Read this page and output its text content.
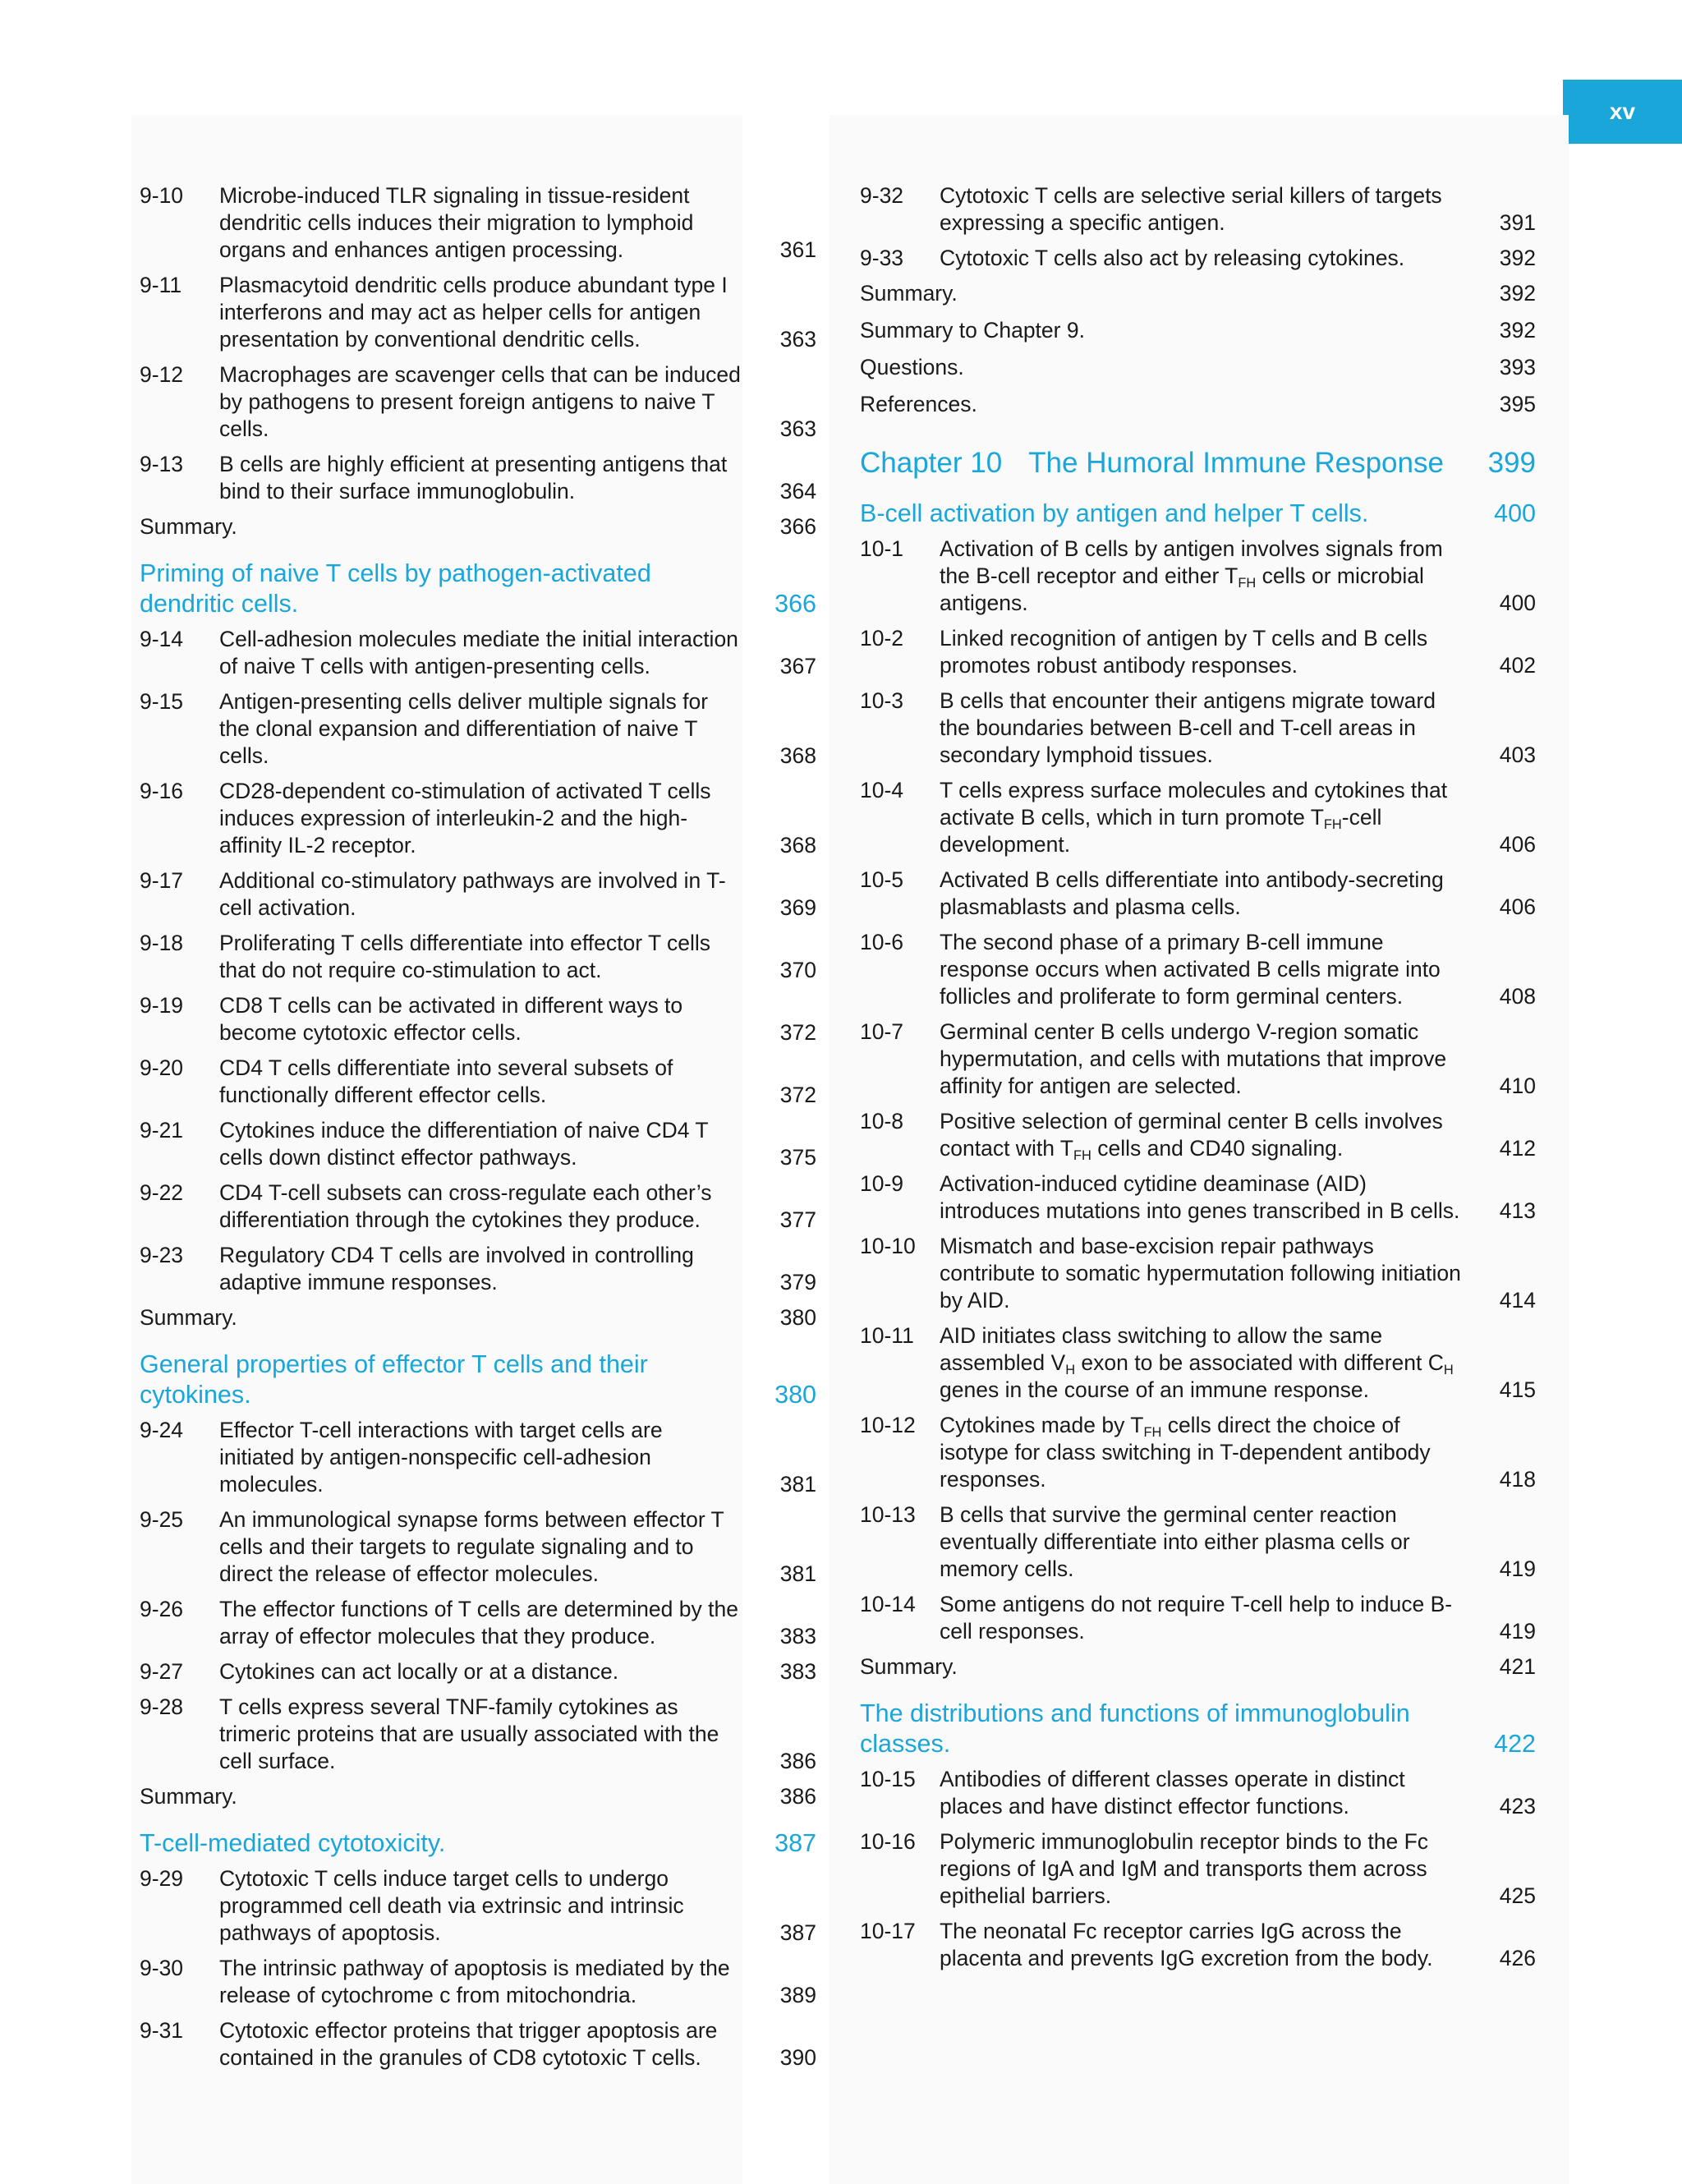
xv
9-10 Microbe-induced TLR signaling in tissue-resident dendritic cells induces their migration to lymphoid organs and enhances antigen processing.	361
9-11 Plasmacytoid dendritic cells produce abundant type I interferons and may act as helper cells for antigen presentation by conventional dendritic cells.	363
9-12 Macrophages are scavenger cells that can be induced by pathogens to present foreign antigens to naive T cells.	363
9-13 B cells are highly efficient at presenting antigens that bind to their surface immunoglobulin.	364
Summary.	366
Priming of naive T cells by pathogen-activated dendritic cells.	366
9-14 Cell-adhesion molecules mediate the initial interaction of naive T cells with antigen-presenting cells.	367
9-15 Antigen-presenting cells deliver multiple signals for the clonal expansion and differentiation of naive T cells.	368
9-16 CD28-dependent co-stimulation of activated T cells induces expression of interleukin-2 and the high-affinity IL-2 receptor.	368
9-17 Additional co-stimulatory pathways are involved in T-cell activation.	369
9-18 Proliferating T cells differentiate into effector T cells that do not require co-stimulation to act.	370
9-19 CD8 T cells can be activated in different ways to become cytotoxic effector cells.	372
9-20 CD4 T cells differentiate into several subsets of functionally different effector cells.	372
9-21 Cytokines induce the differentiation of naive CD4 T cells down distinct effector pathways.	375
9-22 CD4 T-cell subsets can cross-regulate each other’s differentiation through the cytokines they produce.	377
9-23 Regulatory CD4 T cells are involved in controlling adaptive immune responses.	379
Summary.	380
General properties of effector T cells and their cytokines.	380
9-24 Effector T-cell interactions with target cells are initiated by antigen-nonspecific cell-adhesion molecules.	381
9-25 An immunological synapse forms between effector T cells and their targets to regulate signaling and to direct the release of effector molecules.	381
9-26 The effector functions of T cells are determined by the array of effector molecules that they produce.	383
9-27 Cytokines can act locally or at a distance.	383
9-28 T cells express several TNF-family cytokines as trimeric proteins that are usually associated with the cell surface.	386
Summary.	386
T-cell-mediated cytotoxicity.	387
9-29 Cytotoxic T cells induce target cells to undergo programmed cell death via extrinsic and intrinsic pathways of apoptosis.	387
9-30 The intrinsic pathway of apoptosis is mediated by the release of cytochrome c from mitochondria.	389
9-31 Cytotoxic effector proteins that trigger apoptosis are contained in the granules of CD8 cytotoxic T cells.	390
9-32 Cytotoxic T cells are selective serial killers of targets expressing a specific antigen.	391
9-33 Cytotoxic T cells also act by releasing cytokines.	392
Summary.	392
Summary to Chapter 9.	392
Questions.	393
References.	395
Chapter 10 The Humoral Immune Response 399
B-cell activation by antigen and helper T cells.	400
10-1 Activation of B cells by antigen involves signals from the B-cell receptor and either $T_{FH}$ cells or microbial antigens.	400
10-2 Linked recognition of antigen by T cells and B cells promotes robust antibody responses.	402
10-3 B cells that encounter their antigens migrate toward the boundaries between B-cell and T-cell areas in secondary lymphoid tissues.	403
10-4 T cells express surface molecules and cytokines that activate B cells, which in turn promote $T_{FH}$-cell development.	406
10-5 Activated B cells differentiate into antibody-secreting plasmablasts and plasma cells.	406
10-6 The second phase of a primary B-cell immune response occurs when activated B cells migrate into follicles and proliferate to form germinal centers.	408
10-7 Germinal center B cells undergo V-region somatic hypermutation, and cells with mutations that improve affinity for antigen are selected.	410
10-8 Positive selection of germinal center B cells involves contact with $T_{FH}$ cells and CD40 signaling.	412
10-9 Activation-induced cytidine deaminase (AID) introduces mutations into genes transcribed in B cells. 413
10-10 Mismatch and base-excision repair pathways contribute to somatic hypermutation following initiation by AID.	414
10-11 AID initiates class switching to allow the same assembled $V_H$ exon to be associated with different $C_H$ genes in the course of an immune response.	415
10-12 Cytokines made by $T_{FH}$ cells direct the choice of isotype for class switching in T-dependent antibody responses.	418
10-13 B cells that survive the germinal center reaction eventually differentiate into either plasma cells or memory cells.	419
10-14 Some antigens do not require T-cell help to induce B-cell responses.	419
Summary.	421
The distributions and functions of immunoglobulin classes.	422
10-15 Antibodies of different classes operate in distinct places and have distinct effector functions.	423
10-16 Polymeric immunoglobulin receptor binds to the Fc regions of IgA and IgM and transports them across epithelial barriers.	425
10-17 The neonatal Fc receptor carries IgG across the placenta and prevents IgG excretion from the body.	426
